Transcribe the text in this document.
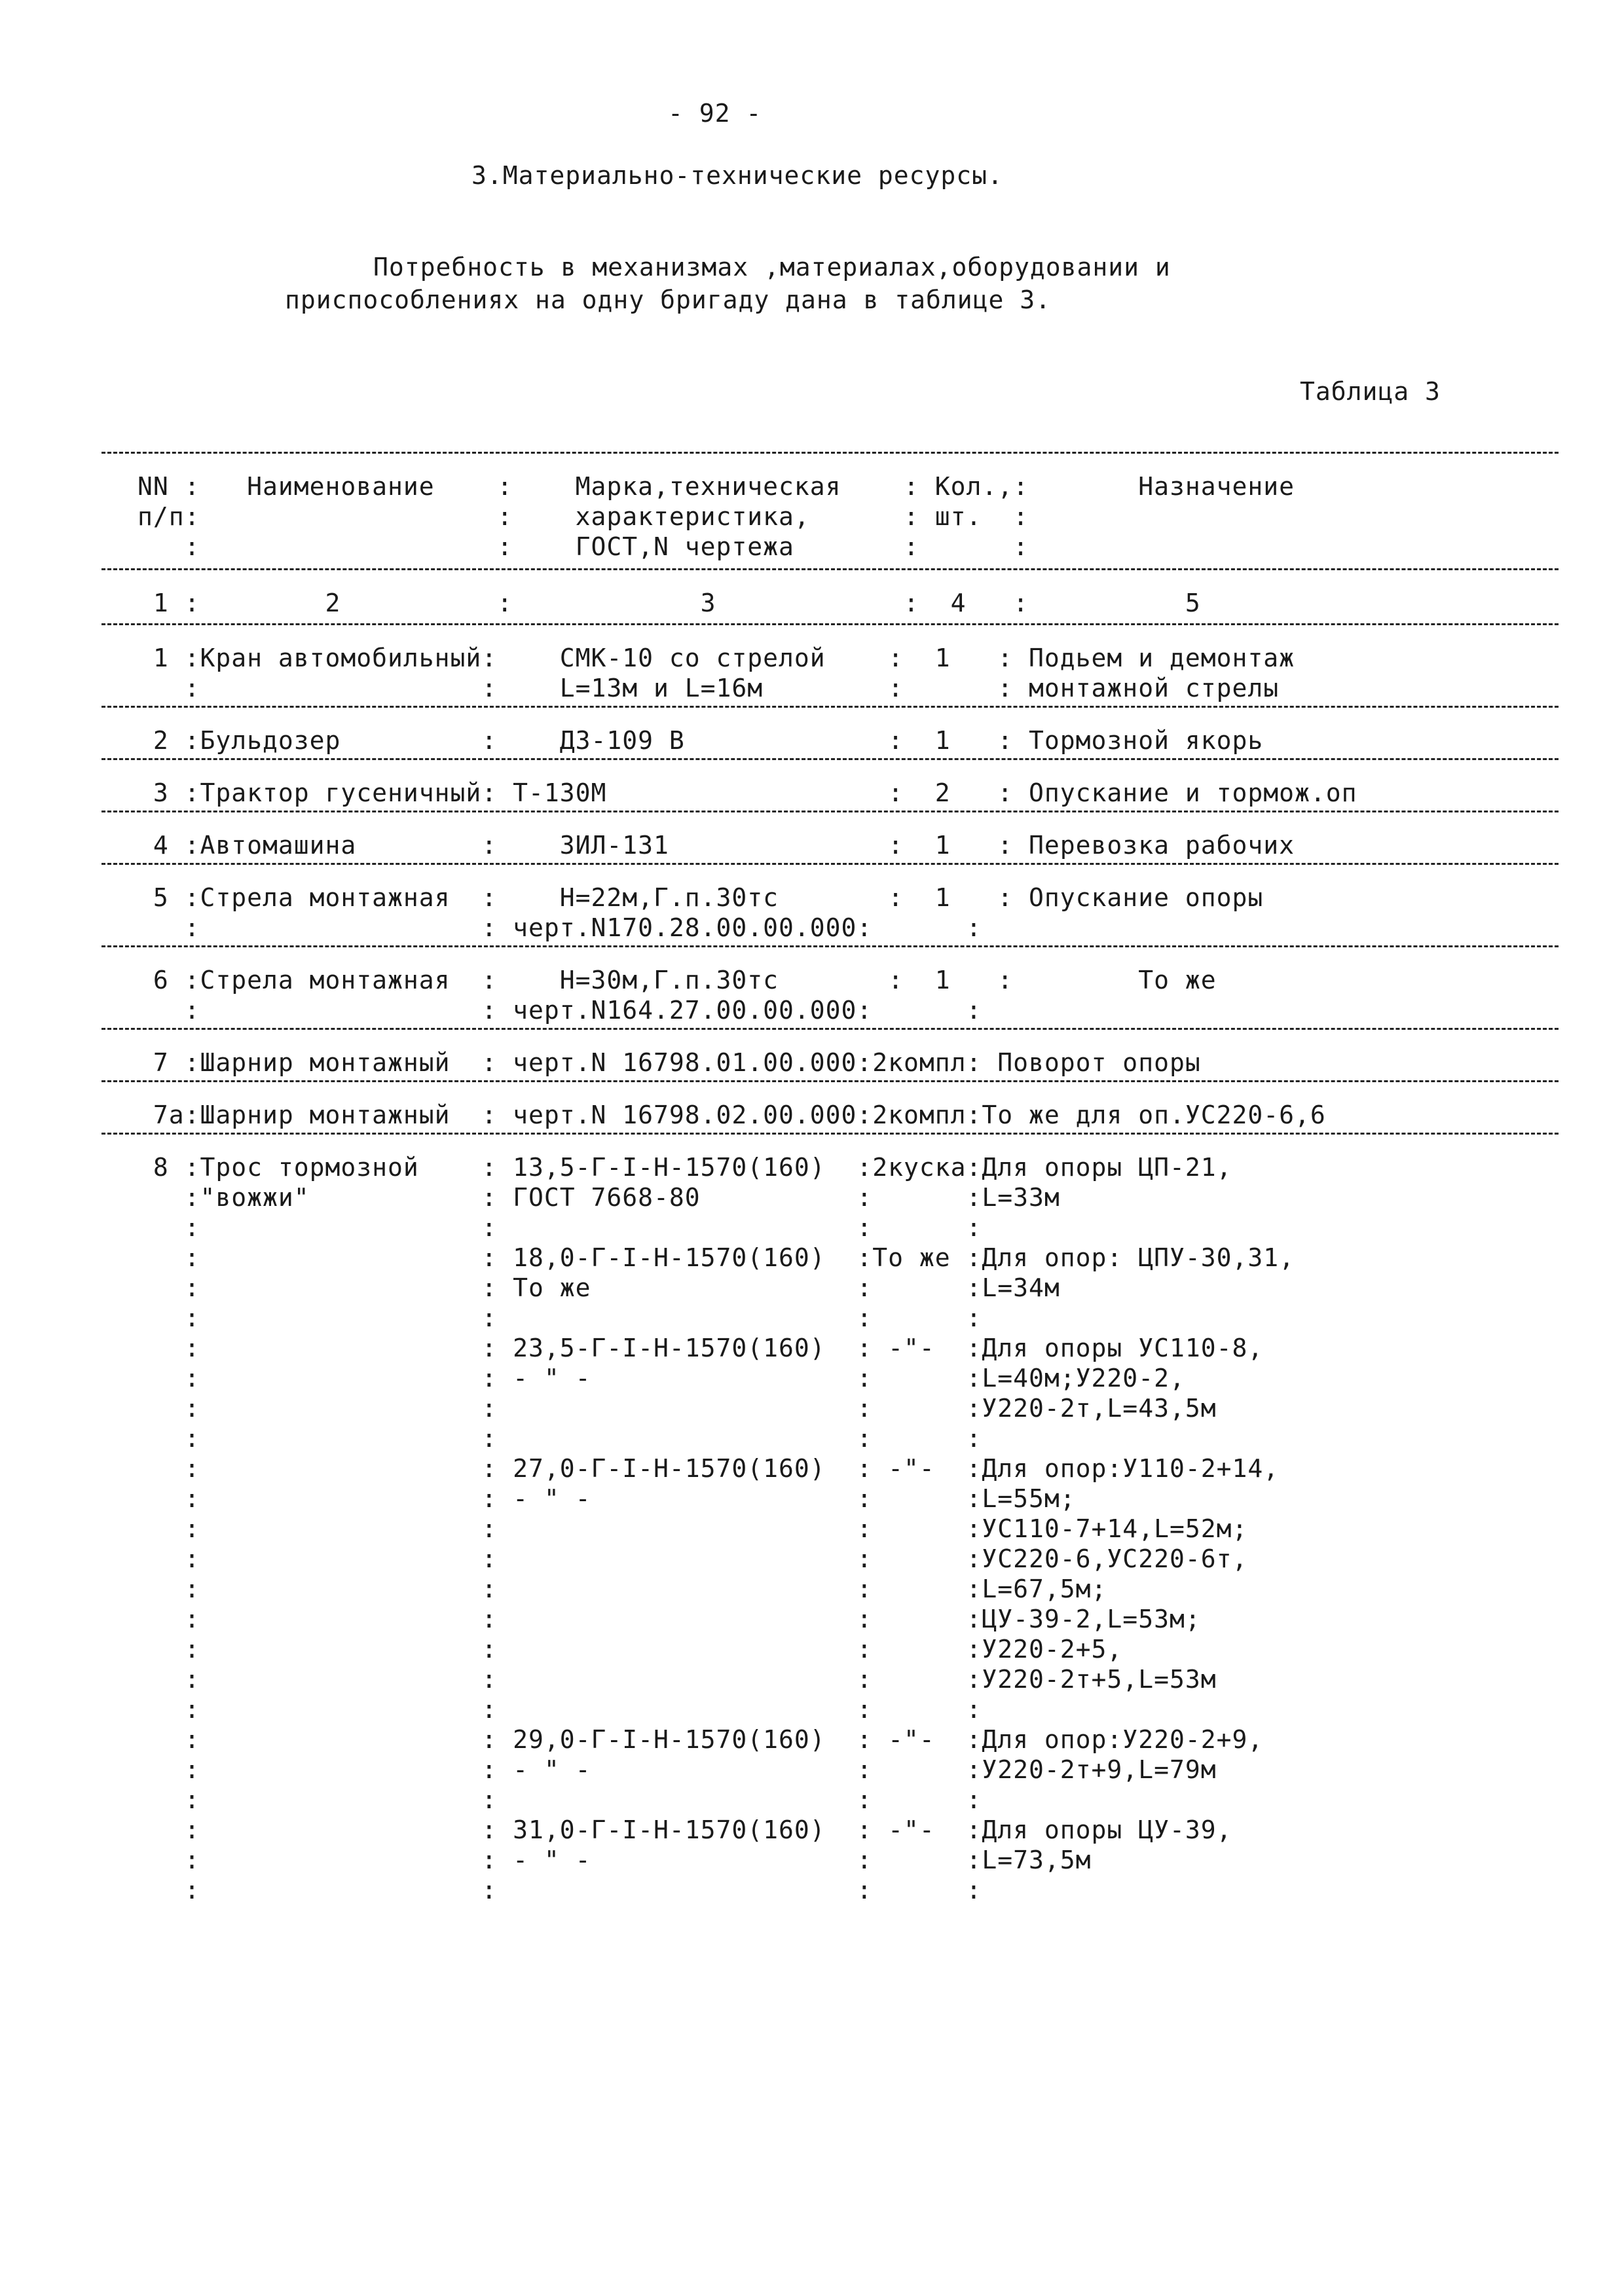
- 92 -
3.Материально-технические ресурсы.
Потребность в механизмах ,материалах,оборудовании и
приспособлениях на одну бригаду дана в таблице 3.
Таблица 3
NN :   Наименование    :    Марка,техническая    : Кол.,:       Назначение
п/п:                   :    характеристика,      : шт.  :
:                   :    ГОСТ,N чертежа       :      :
1 :        2          :            3            :  4   :          5
1 :Кран автомобильный:    СМК-10 со стрелой    :  1   : Подьем и демонтаж
:                  :    L=13м и L=16м        :      : монтажной стрелы
2 :Бульдозер         :    ДЗ-109 В             :  1   : Тормозной якорь
3 :Трактор гусеничный: Т-130М                  :  2   : Опускание и тормож.оп
4 :Автомашина        :    ЗИЛ-131              :  1   : Перевозка рабочих
5 :Стрела монтажная  :    Н=22м,Г.п.30тс       :  1   : Опускание опоры
:                  : черт.N170.28.00.00.000:      :
6 :Стрела монтажная  :    Н=30м,Г.п.30тс       :  1   :        То же
:                  : черт.N164.27.00.00.000:      :
7 :Шарнир монтажный  : черт.N 16798.01.00.000:2компл: Поворот опоры
7а:Шарнир монтажный  : черт.N 16798.02.00.000:2компл:То же для оп.УС220-6,6
8 :Трос тормозной    : 13,5-Г-I-Н-1570(160)  :2куска:Для опоры ЦП-21,
:"вожжи"           : ГОСТ 7668-80          :      :L=33м
:                  :                       :      :
:                  : 18,0-Г-I-Н-1570(160)  :То же :Для опор: ЦПУ-30,31,
:                  : То же                 :      :L=34м
:                  :                       :      :
:                  : 23,5-Г-I-Н-1570(160)  : -"-  :Для опоры УС110-8,
:                  : - " -                 :      :L=40м;У220-2,
:                  :                       :      :У220-2т,L=43,5м
:                  :                       :      :
:                  : 27,0-Г-I-Н-1570(160)  : -"-  :Для опор:У110-2+14,
:                  : - " -                 :      :L=55м;
:                  :                       :      :УС110-7+14,L=52м;
:                  :                       :      :УС220-6,УС220-6т,
:                  :                       :      :L=67,5м;
:                  :                       :      :ЦУ-39-2,L=53м;
:                  :                       :      :У220-2+5,
:                  :                       :      :У220-2т+5,L=53м
:                  :                       :      :
:                  : 29,0-Г-I-Н-1570(160)  : -"-  :Для опор:У220-2+9,
:                  : - " -                 :      :У220-2т+9,L=79м
:                  :                       :      :
:                  : 31,0-Г-I-Н-1570(160)  : -"-  :Для опоры ЦУ-39,
:                  : - " -                 :      :L=73,5м
:                  :                       :      :
